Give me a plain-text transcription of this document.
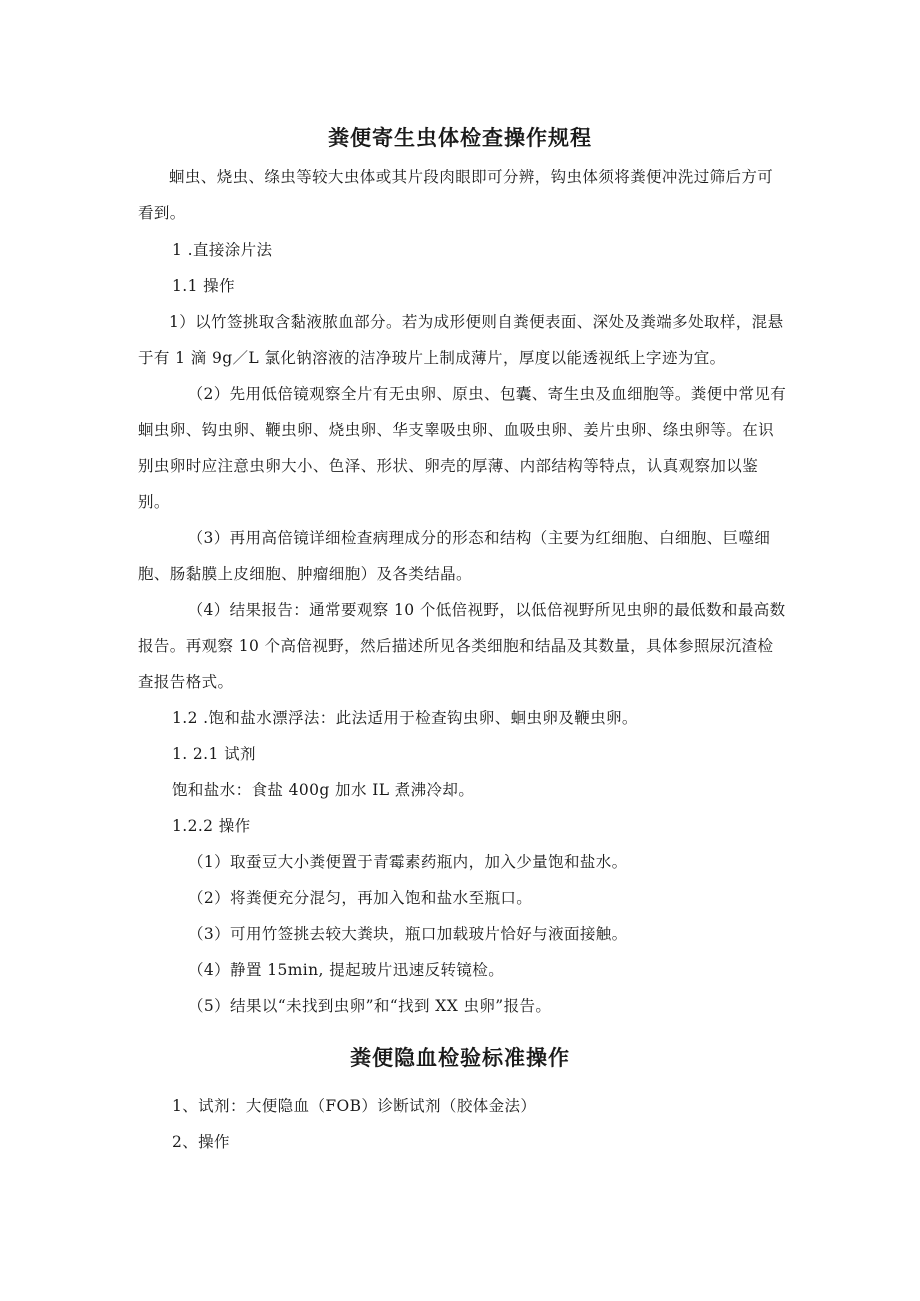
粪便寄生虫体检查操作规程

蛔虫、烧虫、绦虫等较大虫体或其片段肉眼即可分辨，钩虫体须将粪便冲洗过筛后方可看到。

1 .直接涂片法

1.1 操作

1）以竹签挑取含黏液脓血部分。若为成形便则自粪便表面、深处及粪端多处取样，混悬于有 1 滴 9g／L 氯化钠溶液的洁净玻片上制成薄片，厚度以能透视纸上字迹为宜。

（2）先用低倍镜观察全片有无虫卵、原虫、包囊、寄生虫及血细胞等。粪便中常见有蛔虫卵、钩虫卵、鞭虫卵、烧虫卵、华支睾吸虫卵、血吸虫卵、姜片虫卵、绦虫卵等。在识别虫卵时应注意虫卵大小、色泽、形状、卵壳的厚薄、内部结构等特点，认真观察加以鉴别。

（3）再用高倍镜详细检查病理成分的形态和结构（主要为红细胞、白细胞、巨噬细胞、肠黏膜上皮细胞、肿瘤细胞）及各类结晶。

（4）结果报告：通常要观察 10 个低倍视野，以低倍视野所见虫卵的最低数和最高数报告。再观察 10 个高倍视野，然后描述所见各类细胞和结晶及其数量，具体参照尿沉渣检查报告格式。

1.2 .饱和盐水漂浮法：此法适用于检查钩虫卵、蛔虫卵及鞭虫卵。

1. 2.1 试剂

饱和盐水：食盐 400g 加水 IL 煮沸冷却。

1.2.2 操作

（1）取蚕豆大小粪便置于青霉素药瓶内，加入少量饱和盐水。

（2）将粪便充分混匀，再加入饱和盐水至瓶口。

（3）可用竹签挑去较大粪块，瓶口加载玻片恰好与液面接触。

（4）静置 15min, 提起玻片迅速反转镜检。

（5）结果以“未找到虫卵”和“找到 XX 虫卵”报告。

粪便隐血检验标准操作

1、试剂：大便隐血（FOB）诊断试剂（胶体金法）

2、操作
